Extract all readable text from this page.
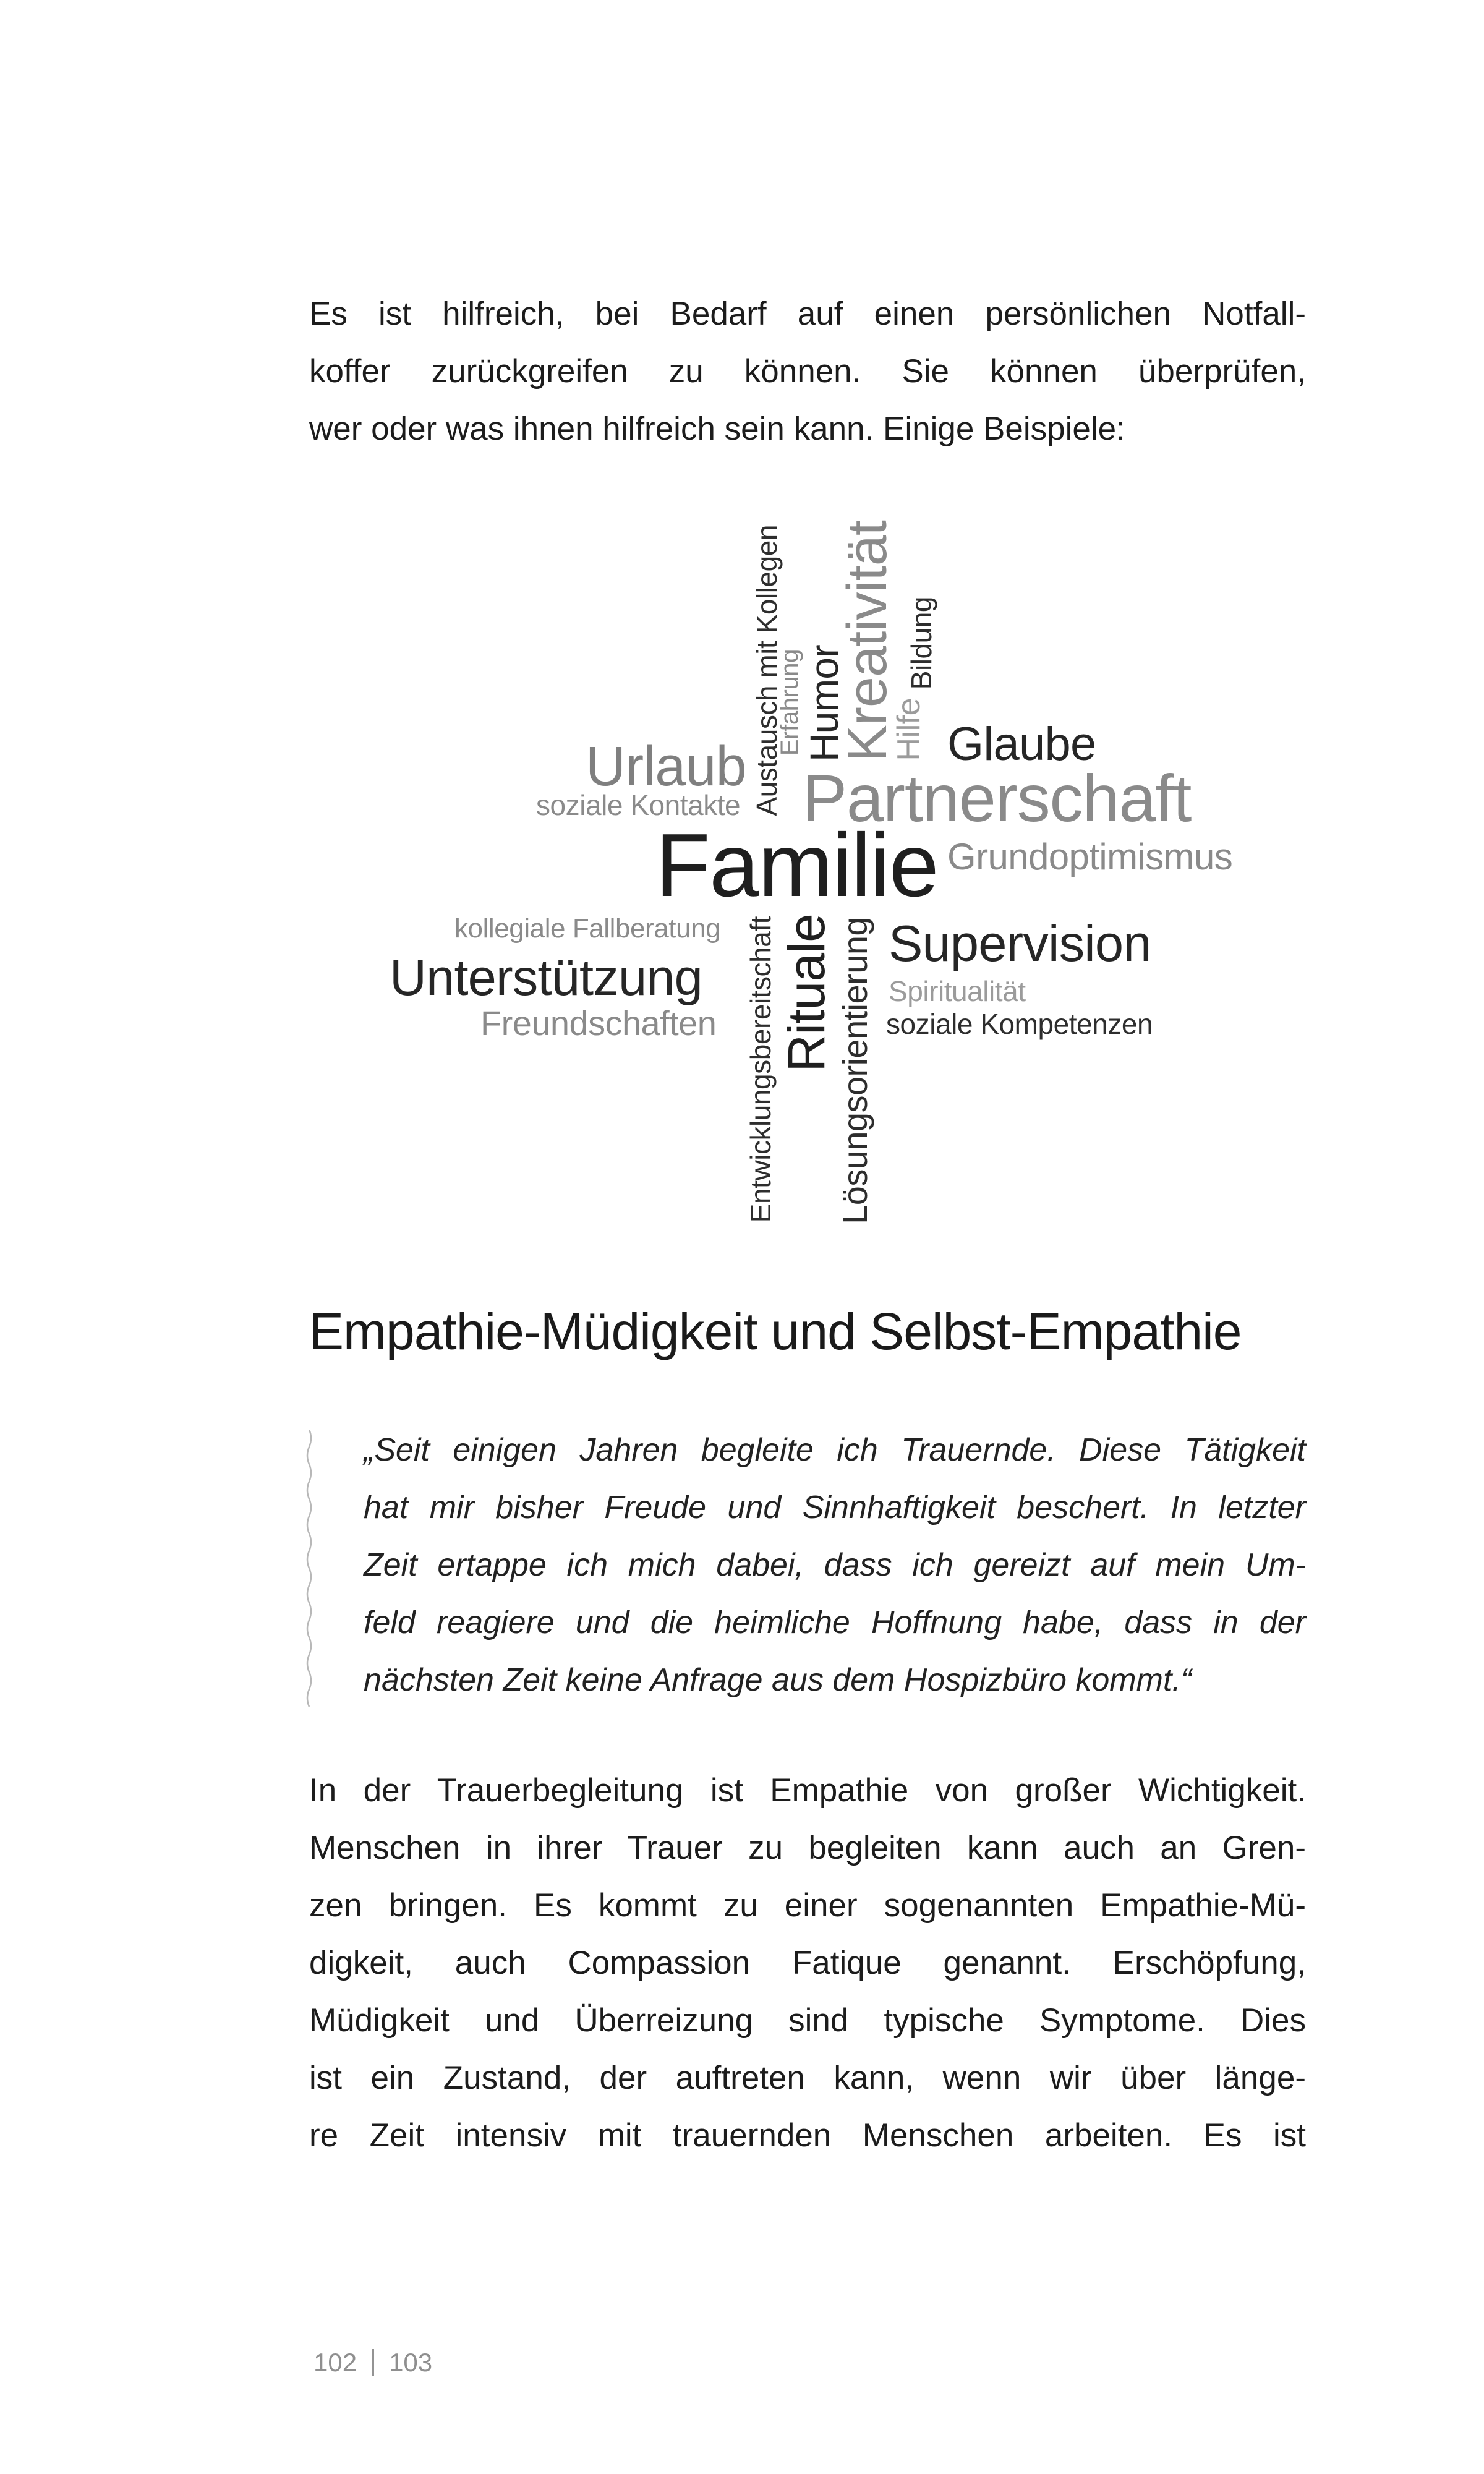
Es ist hilfreich, bei Bedarf auf einen persönlichen Notfall-
koffer zurückgreifen zu können. Sie können überprüfen,
wer oder was ihnen hilfreich sein kann. Einige Beispiele:
Urlaub
soziale Kontakte
Glaube
Partnerschaft
Familie Grundoptimismus
kollegiale Fallberatung	Supervision
Unterstützung	Spiritualität
Freundschaften	soziale Kompetenzen
Austausch mit Kollegen
Erfahrung
Humor
Kreativität
Hilfe
Bildung
Entwicklungsbereitschaft Rituale Lösungsorientierung
Empathie-Müdigkeit und Selbst-Empathie
„Seit einigen Jahren begleite ich Trauernde. Diese Tätigkeit
hat mir bisher Freude und Sinnhaftigkeit beschert. In letzter
Zeit ertappe ich mich dabei, dass ich gereizt auf mein Um-
feld reagiere und die heimliche Hoffnung habe, dass in der
nächsten Zeit keine Anfrage aus dem Hospizbüro kommt.“
In der Trauerbegleitung ist Empathie von großer Wichtigkeit.
Menschen in ihrer Trauer zu begleiten kann auch an Gren-
zen bringen. Es kommt zu einer sogenannten Empathie-Mü-
digkeit, auch Compassion Fatique genannt. Erschöpfung,
Müdigkeit und Überreizung sind typische Symptome. Dies
ist ein Zustand, der auftreten kann, wenn wir über länge-
re Zeit intensiv mit trauernden Menschen arbeiten. Es ist
102 103
